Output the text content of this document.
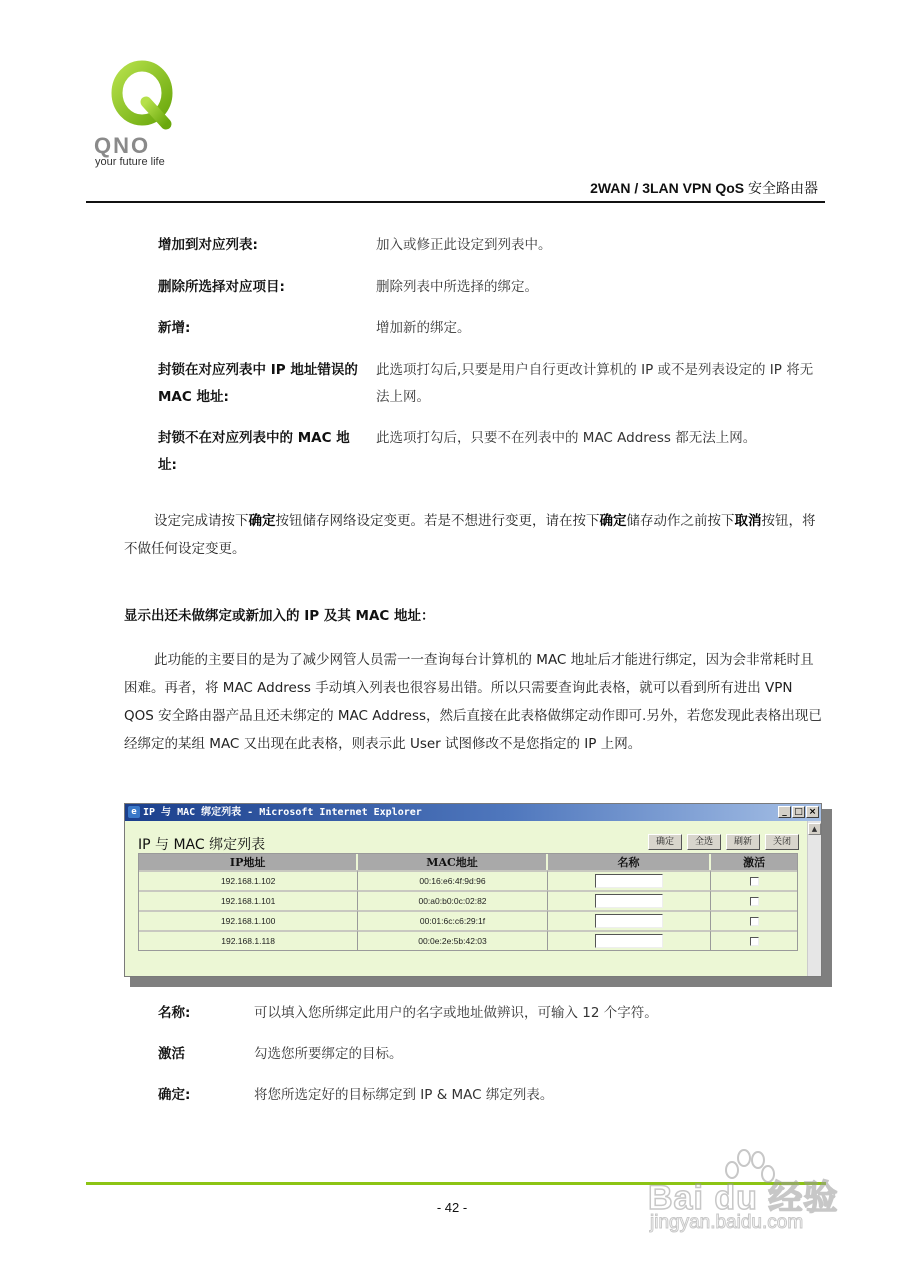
QNO
your future life
2WAN / 3LAN VPN QoS 安全路由器
增加到对应列表:	加入或修正此设定到列表中。
删除所选择对应项目:	删除列表中所选择的绑定。
新增:	增加新的绑定。
封锁在对应列表中 IP 地址错误的 MAC 地址:
此选项打勾后,只要是用户自行更改计算机的 IP 或不是列表设定的 IP 将无法上网。
封锁不在对应列表中的 MAC 地址:
此选项打勾后，只要不在列表中的 MAC Address 都无法上网。
设定完成请按下确定按钮储存网络设定变更。若是不想进行变更，请在按下确定储存动作之前按下取消按钮，将不做任何设定变更。
显示出还未做绑定或新加入的 IP 及其 MAC 地址：
此功能的主要目的是为了减少网管人员需一一查询每台计算机的 MAC 地址后才能进行绑定，因为会非常耗时且困难。再者，将 MAC Address 手动填入列表也很容易出错。所以只需要查询此表格，就可以看到所有进出 VPN QOS 安全路由器产品且还未绑定的 MAC Address，然后直接在此表格做绑定动作即可.另外，若您发现此表格出现已经绑定的某组 MAC 又出现在此表格，则表示此 User 试图修改不是您指定的 IP 上网。
e IP 与 MAC 绑定列表 - Microsoft Internet Explorer	_ □ ×
▲
IP 与 MAC 绑定列表	确定	全选	刷新	关闭
IP地址	MAC地址	名称	激活
192.168.1.102	00:16:e6:4f:9d:96		
192.168.1.101	00:a0:b0:0c:02:82		
192.168.1.100	00:01:6c:c6:29:1f		
192.168.1.118	00:0e:2e:5b:42:03		
名称:	可以填入您所绑定此用户的名字或地址做辨识，可输入 12 个字符。
激活	勾选您所要绑定的目标。
确定:	将您所选定好的目标绑定到 IP & MAC 绑定列表。
- 42 -	Bai du 经验
jingyan.baidu.com
